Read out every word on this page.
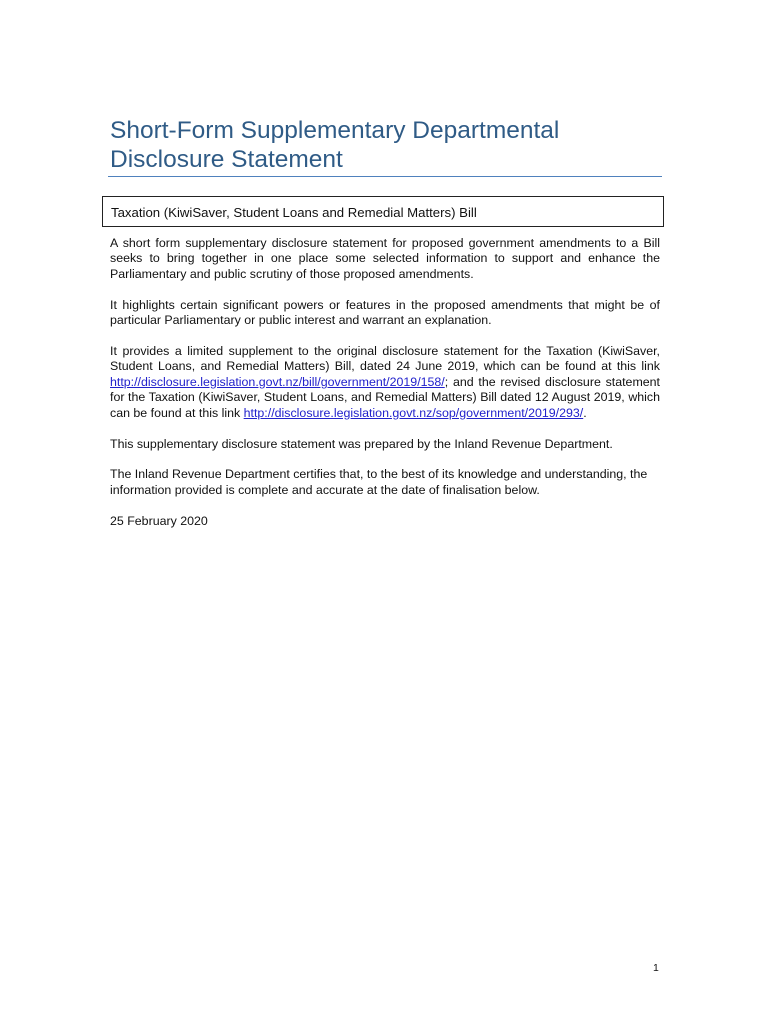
Short-Form Supplementary Departmental
Disclosure Statement
Taxation (KiwiSaver, Student Loans and Remedial Matters) Bill

A short form supplementary disclosure statement for proposed government amendments to a Bill seeks to bring together in one place some selected information to support and enhance the Parliamentary and public scrutiny of those proposed amendments.

It highlights certain significant powers or features in the proposed amendments that might be of particular Parliamentary or public interest and warrant an explanation.

It provides a limited supplement to the original disclosure statement for the Taxation (KiwiSaver, Student Loans, and Remedial Matters) Bill, dated 24 June 2019, which can be found at this link http://disclosure.legislation.govt.nz/bill/government/2019/158/; and the revised disclosure statement for the Taxation (KiwiSaver, Student Loans, and Remedial Matters) Bill dated 12 August 2019, which can be found at this link http://disclosure.legislation.govt.nz/sop/government/2019/293/.

This supplementary disclosure statement was prepared by the Inland Revenue Department.

The Inland Revenue Department certifies that, to the best of its knowledge and understanding, the information provided is complete and accurate at the date of finalisation below.

25 February 2020

1
